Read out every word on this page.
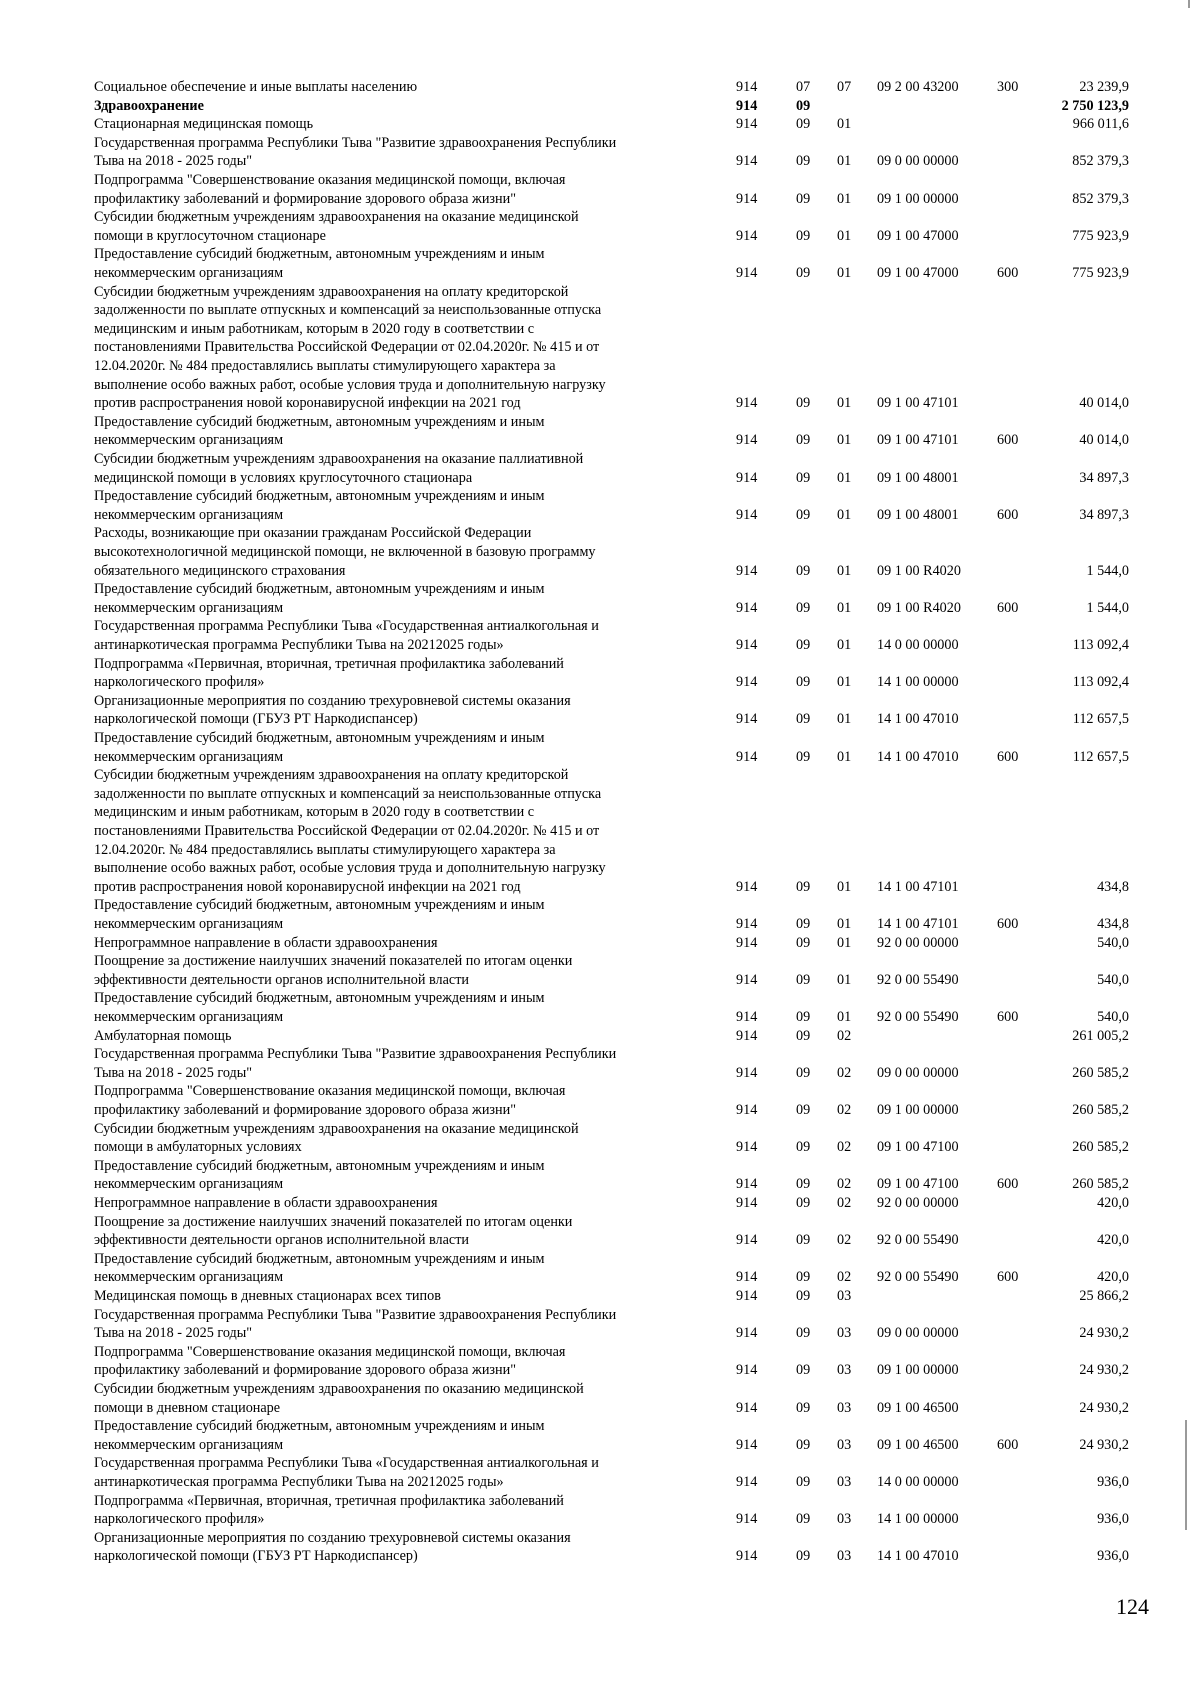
Социальное обеспечение и иные выплаты населению	914	07 07 09 2 00 43200	300	23 239,9
Здравоохранение	914	09	2 750 123,9
Стационарная медицинская помощь	914	09 01	966 011,6
Государственная программа Республики Тыва "Развитие здравоохранения Республики
Тыва на 2018 - 2025 годы"	914	09 01 09 0 00 00000	852 379,3
Подпрограмма "Совершенствование оказания медицинской помощи, включая
профилактику заболеваний и формирование здорового образа жизни"	914	09 01 09 1 00 00000	852 379,3
Субсидии бюджетным учреждениям здравоохранения на оказание медицинской
помощи в круглосуточном стационаре	914	09 01 09 1 00 47000	775 923,9
Предоставление субсидий бюджетным, автономным учреждениям и иным
некоммерческим организациям	914	09 01 09 1 00 47000	600	775 923,9
Субсидии бюджетным учреждениям здравоохранения на оплату кредиторской
задолженности по выплате отпускных и компенсаций за неиспользованные отпуска
медицинским и иным работникам, которым в 2020 году в соответствии с
постановлениями Правительства Российской Федерации от 02.04.2020г. № 415 и от
12.04.2020г. № 484 предоставлялись выплаты стимулирующего характера за
выполнение особо важных работ, особые условия труда и дополнительную нагрузку
против распространения новой коронавирусной инфекции на 2021 год	914	09 01 09 1 00 47101	40 014,0
Предоставление субсидий бюджетным, автономным учреждениям и иным
некоммерческим организациям	914	09 01 09 1 00 47101	600	40 014,0
Субсидии бюджетным учреждениям здравоохранения на оказание паллиативной
медицинской помощи в условиях круглосуточного стационара	914	09 01 09 1 00 48001	34 897,3
Предоставление субсидий бюджетным, автономным учреждениям и иным
некоммерческим организациям	914	09 01 09 1 00 48001	600	34 897,3
Расходы, возникающие при оказании гражданам Российской Федерации
высокотехнологичной медицинской помощи, не включенной в базовую программу
обязательного медицинского страхования	914	09 01 09 1 00 R4020	1 544,0
Предоставление субсидий бюджетным, автономным учреждениям и иным
некоммерческим организациям	914	09 01 09 1 00 R4020	600	1 544,0
Государственная программа Республики Тыва «Государственная антиалкогольная и
антинаркотическая программа Республики Тыва на 20212025 годы»	914	09 01 14 0 00 00000	113 092,4
Подпрограмма «Первичная, вторичная, третичная профилактика заболеваний
наркологического профиля»	914	09 01 14 1 00 00000	113 092,4
Организационные мероприятия по созданию трехуровневой системы оказания
наркологической помощи (ГБУЗ РТ Наркодиспансер)	914	09 01 14 1 00 47010	112 657,5
Предоставление субсидий бюджетным, автономным учреждениям и иным
некоммерческим организациям	914	09 01 14 1 00 47010	600	112 657,5
Субсидии бюджетным учреждениям здравоохранения на оплату кредиторской
задолженности по выплате отпускных и компенсаций за неиспользованные отпуска
медицинским и иным работникам, которым в 2020 году в соответствии с
постановлениями Правительства Российской Федерации от 02.04.2020г. № 415 и от
12.04.2020г. № 484 предоставлялись выплаты стимулирующего характера за
выполнение особо важных работ, особые условия труда и дополнительную нагрузку
против распространения новой коронавирусной инфекции на 2021 год	914	09 01 14 1 00 47101	434,8
Предоставление субсидий бюджетным, автономным учреждениям и иным
некоммерческим организациям	914	09 01 14 1 00 47101	600	434,8
Непрограммное направление в области здравоохранения	914	09 01 92 0 00 00000	540,0
Поощрение за достижение наилучших значений показателей по итогам оценки
эффективности деятельности органов исполнительной власти	914	09 01 92 0 00 55490	540,0
Предоставление субсидий бюджетным, автономным учреждениям и иным
некоммерческим организациям	914	09 01 92 0 00 55490	600	540,0
Амбулаторная помощь	914	09 02	261 005,2
Государственная программа Республики Тыва "Развитие здравоохранения Республики
Тыва на 2018 - 2025 годы"	914	09 02 09 0 00 00000	260 585,2
Подпрограмма "Совершенствование оказания медицинской помощи, включая
профилактику заболеваний и формирование здорового образа жизни"	914	09 02 09 1 00 00000	260 585,2
Субсидии бюджетным учреждениям здравоохранения на оказание медицинской
помощи в амбулаторных условиях	914	09 02 09 1 00 47100	260 585,2
Предоставление субсидий бюджетным, автономным учреждениям и иным
некоммерческим организациям	914	09 02 09 1 00 47100	600	260 585,2
Непрограммное направление в области здравоохранения	914	09 02 92 0 00 00000	420,0
Поощрение за достижение наилучших значений показателей по итогам оценки
эффективности деятельности органов исполнительной власти	914	09 02 92 0 00 55490	420,0
Предоставление субсидий бюджетным, автономным учреждениям и иным
некоммерческим организациям	914	09 02 92 0 00 55490	600	420,0
Медицинская помощь в дневных стационарах всех типов	914	09 03	25 866,2
Государственная программа Республики Тыва "Развитие здравоохранения Республики
Тыва на 2018 - 2025 годы"	914	09 03 09 0 00 00000	24 930,2
Подпрограмма "Совершенствование оказания медицинской помощи, включая
профилактику заболеваний и формирование здорового образа жизни"	914	09 03 09 1 00 00000	24 930,2
Субсидии бюджетным учреждениям здравоохранения по оказанию медицинской
помощи в дневном стационаре	914	09 03 09 1 00 46500	24 930,2
Предоставление субсидий бюджетным, автономным учреждениям и иным
некоммерческим организациям	914	09 03 09 1 00 46500	600	24 930,2
Государственная программа Республики Тыва «Государственная антиалкогольная и
антинаркотическая программа Республики Тыва на 20212025 годы»	914	09 03 14 0 00 00000	936,0
Подпрограмма «Первичная, вторичная, третичная профилактика заболеваний
наркологического профиля»	914	09 03 14 1 00 00000	936,0
Организационные мероприятия по созданию трехуровневой системы оказания
наркологической помощи (ГБУЗ РТ Наркодиспансер)	914	09 03 14 1 00 47010	936,0
124
